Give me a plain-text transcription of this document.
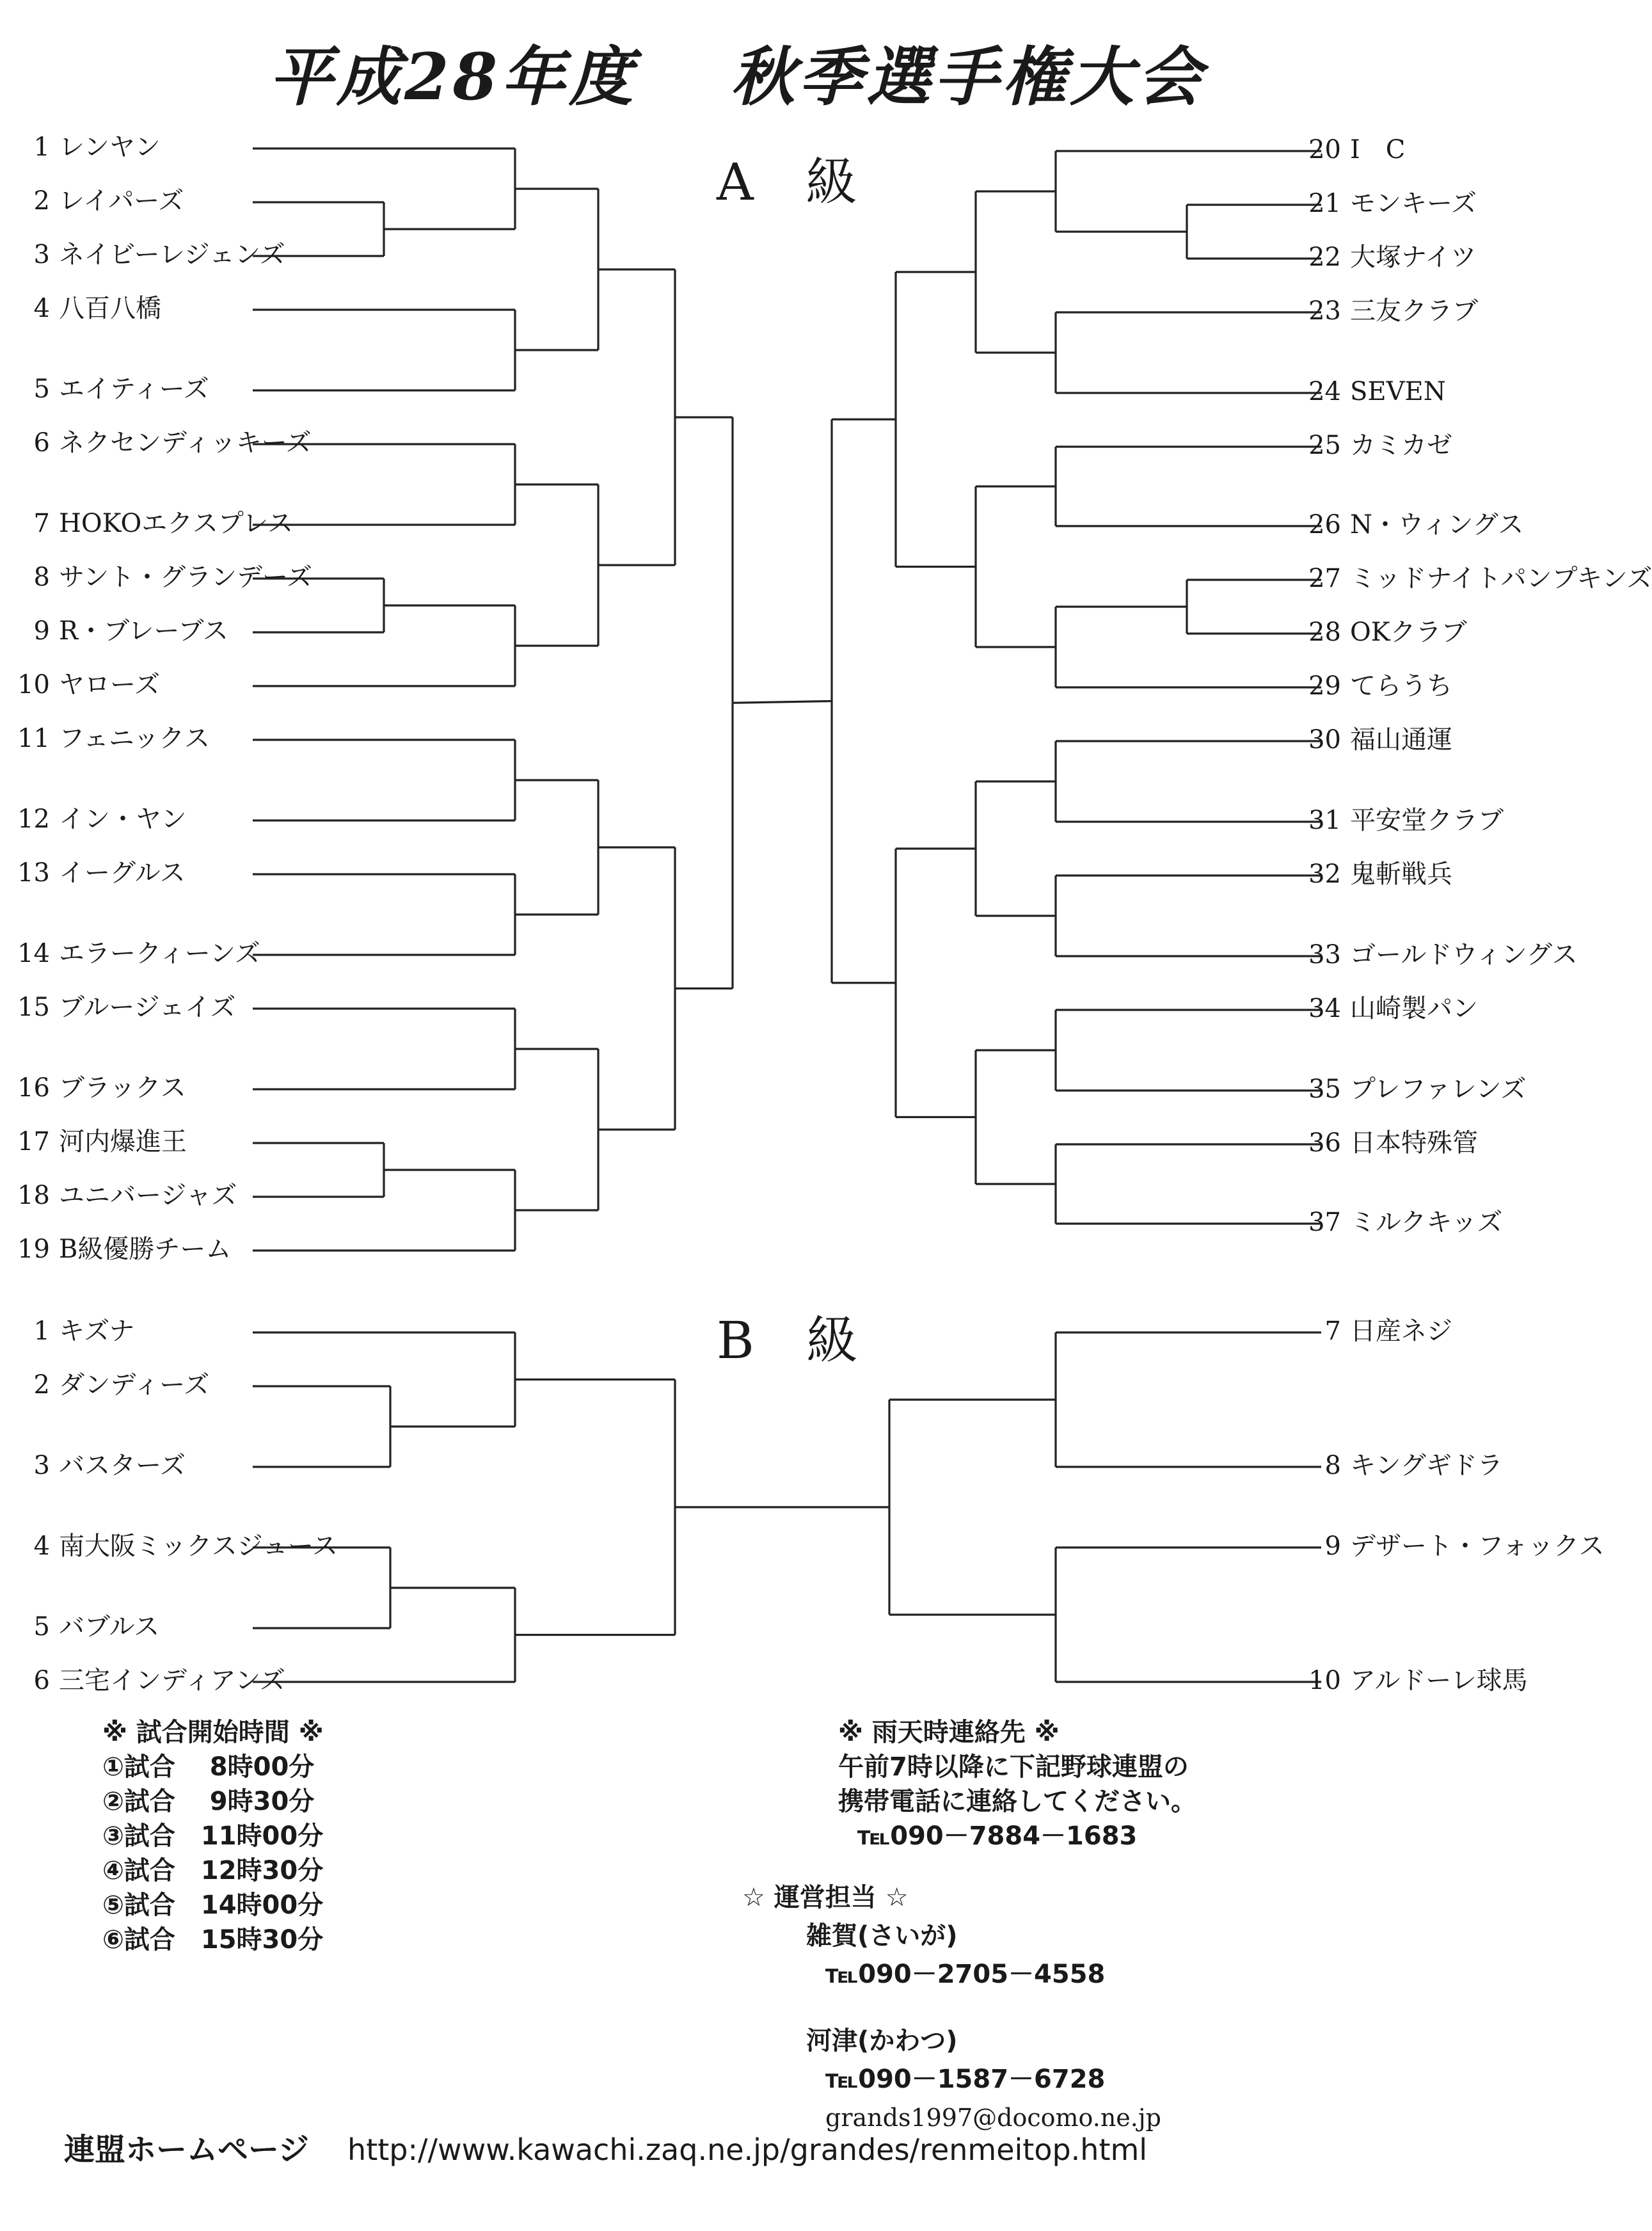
平成28年度　 秋季選手権大会
A 級
B 級
1 レンヤン
2 レイパーズ
3 ネイビーレジェンズ
4 八百八橋
5 エイティーズ
6 ネクセンディッキーズ
7 HOKOエクスプレス
8 サント・グランデーズ
9 R・ブレーブス
10 ヤローズ
11 フェニックス
12 イン・ヤン
13 イーグルス
14 エラークィーンズ
15 ブルージェイズ
16 ブラックス
17 河内爆進王
18 ユニバージャズ
19 B級優勝チーム
20 I　C
21 モンキーズ
22 大塚ナイツ
23 三友クラブ
24 SEVEN
25 カミカゼ
26 N・ウィングス
27 ミッドナイトパンプキンズ
28 OKクラブ
29 てらうち
30 福山通運
31 平安堂クラブ
32 鬼斬戦兵
33 ゴールドウィングス
34 山崎製パン
35 プレファレンズ
36 日本特殊管
37 ミルクキッズ
1 キズナ
2 ダンディーズ
3 バスターズ
4 南大阪ミックスジュース
5 バブルス
6 三宅インディアンズ
7 日産ネジ
8 キングギドラ
9 デザート・フォックス
10 アルドーレ球馬
※ 試合開始時間 ※
①試合　 8時00分
②試合　 9時30分
③試合　11時00分
④試合　12時30分
⑤試合　14時00分
⑥試合　15時30分
※ 雨天時連絡先 ※
午前7時以降に下記野球連盟の
携帯電話に連絡してください。
℡090－7884－1683
☆ 運営担当 ☆
雑賀(さいが)
℡090－2705－4558
河津(かわつ)
℡090－1587－6728
grands1997@docomo.ne.jp
連盟ホームページ http://www.kawachi.zaq.ne.jp/grandes/renmeitop.html
